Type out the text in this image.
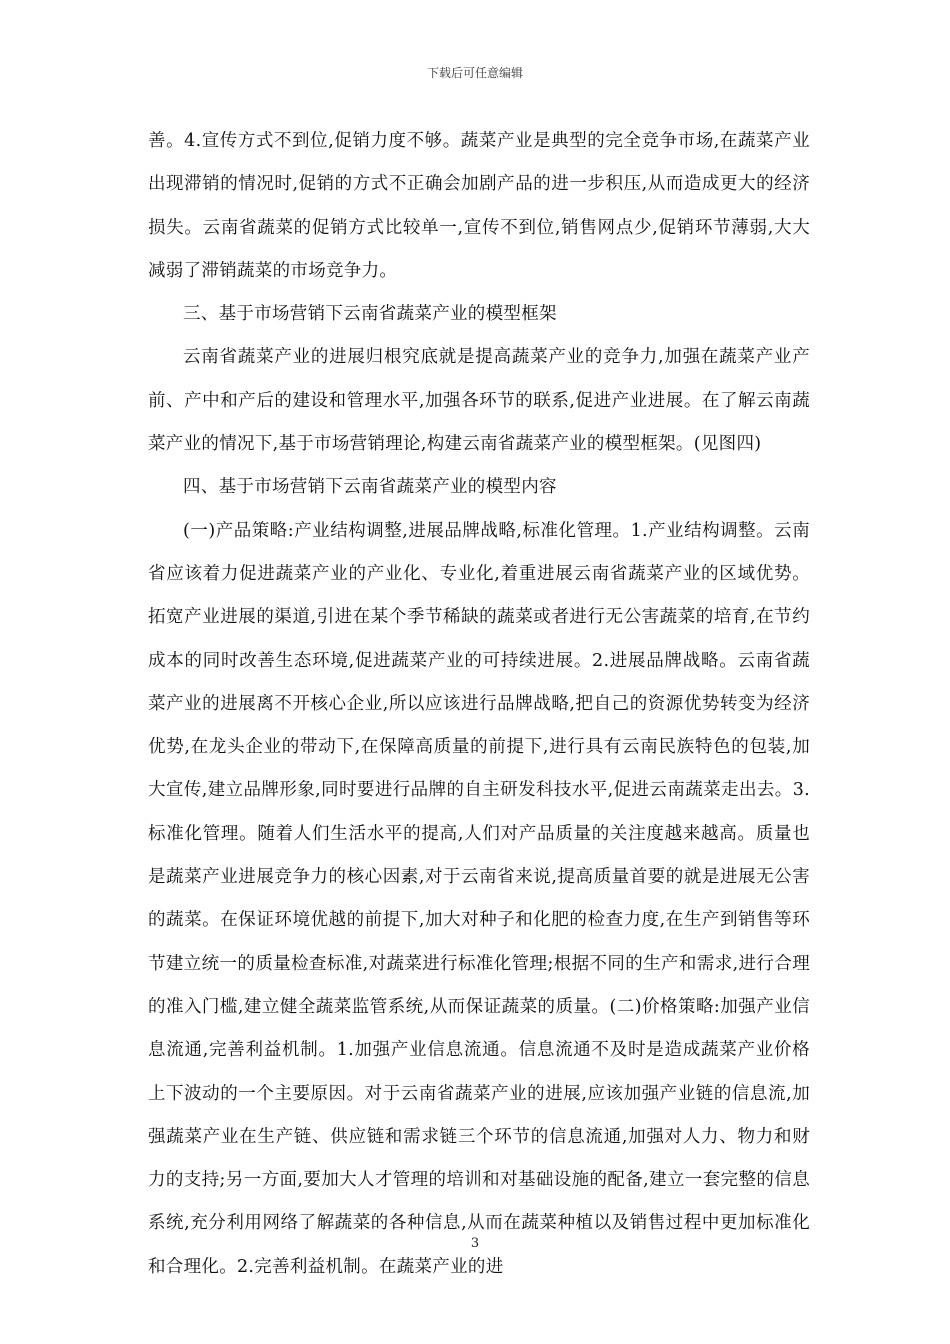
下载后可任意编辑

善。4.宣传方式不到位,促销力度不够。蔬菜产业是典型的完全竞争市场,在蔬菜产业出现滞销的情况时,促销的方式不正确会加剧产品的进一步积压,从而造成更大的经济损失。云南省蔬菜的促销方式比较单一,宣传不到位,销售网点少,促销环节薄弱,大大减弱了滞销蔬菜的市场竞争力。

三、基于市场营销下云南省蔬菜产业的模型框架

云南省蔬菜产业的进展归根究底就是提高蔬菜产业的竞争力,加强在蔬菜产业产前、产中和产后的建设和管理水平,加强各环节的联系,促进产业进展。在了解云南蔬菜产业的情况下,基于市场营销理论,构建云南省蔬菜产业的模型框架。(见图四)

四、基于市场营销下云南省蔬菜产业的模型内容

(一)产品策略:产业结构调整,进展品牌战略,标准化管理。1.产业结构调整。云南省应该着力促进蔬菜产业的产业化、专业化,着重进展云南省蔬菜产业的区域优势。拓宽产业进展的渠道,引进在某个季节稀缺的蔬菜或者进行无公害蔬菜的培育,在节约成本的同时改善生态环境,促进蔬菜产业的可持续进展。2.进展品牌战略。云南省蔬菜产业的进展离不开核心企业,所以应该进行品牌战略,把自己的资源优势转变为经济优势,在龙头企业的带动下,在保障高质量的前提下,进行具有云南民族特色的包装,加大宣传,建立品牌形象,同时要进行品牌的自主研发科技水平,促进云南蔬菜走出去。3.标准化管理。随着人们生活水平的提高,人们对产品质量的关注度越来越高。质量也是蔬菜产业进展竞争力的核心因素,对于云南省来说,提高质量首要的就是进展无公害的蔬菜。在保证环境优越的前提下,加大对种子和化肥的检查力度,在生产到销售等环节建立统一的质量检查标准,对蔬菜进行标准化管理;根据不同的生产和需求,进行合理的准入门槛,建立健全蔬菜监管系统,从而保证蔬菜的质量。(二)价格策略:加强产业信息流通,完善利益机制。1.加强产业信息流通。信息流通不及时是造成蔬菜产业价格上下波动的一个主要原因。对于云南省蔬菜产业的进展,应该加强产业链的信息流,加强蔬菜产业在生产链、供应链和需求链三个环节的信息流通,加强对人力、物力和财力的支持;另一方面,要加大人才管理的培训和对基础设施的配备,建立一套完整的信息系统,充分利用网络了解蔬菜的各种信息,从而在蔬菜种植以及销售过程中更加标准化和合理化。2.完善利益机制。在蔬菜产业的进

3
